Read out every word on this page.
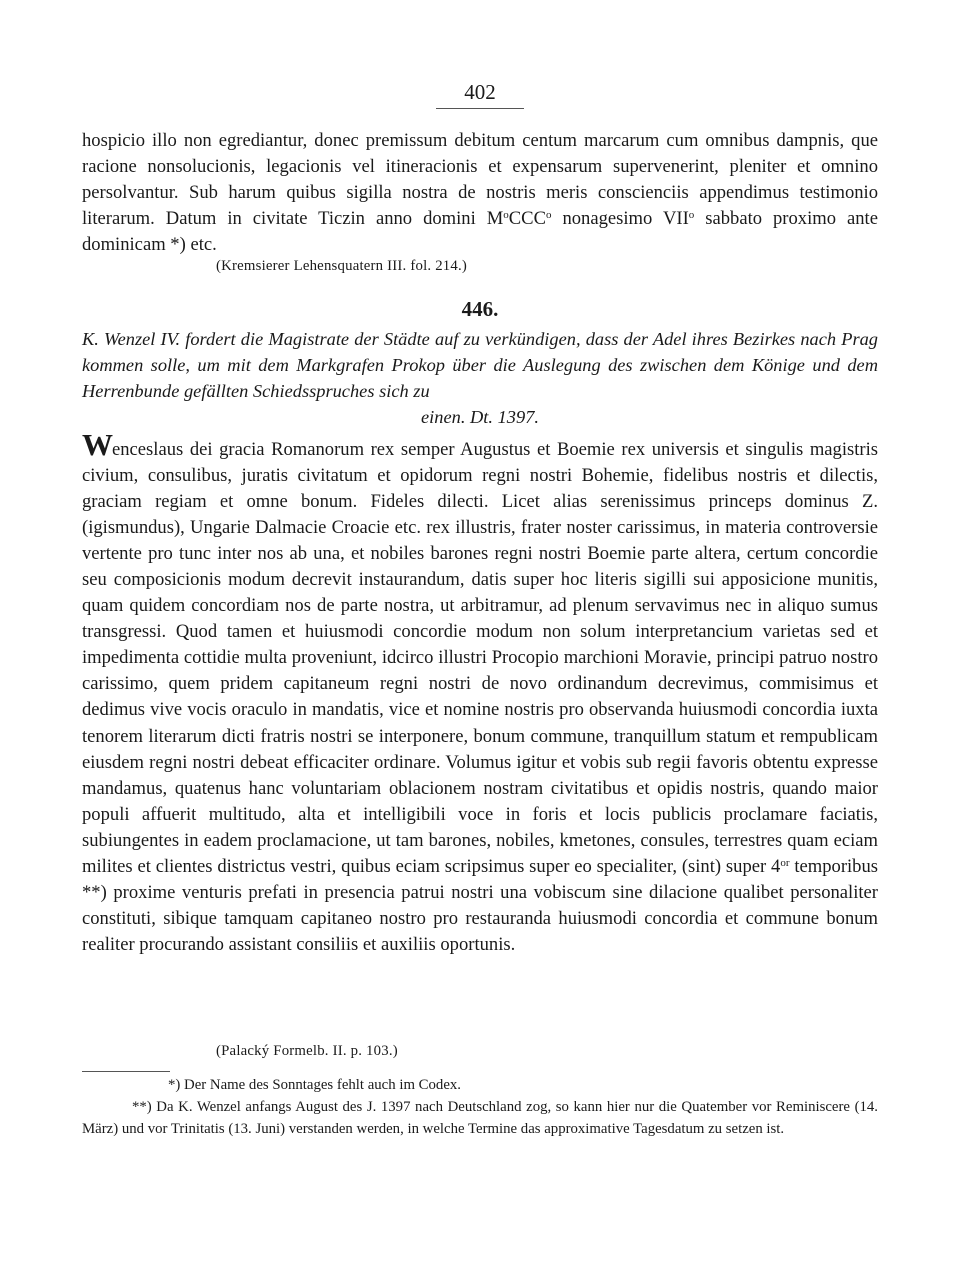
402
hospicio illo non egrediantur, donec premissum debitum centum marcarum cum omnibus dampnis, que racione nonsolucionis, legacionis vel itineracionis et expensarum supervenerint, pleniter et omnino persolvantur. Sub harum quibus sigilla nostra de nostris meris conscienciis appendimus testimonio literarum. Datum in civitate Ticzin anno domini $M^oCCC^o$ nonagesimo VII$^o$ sabbato proximo ante dominicam *) etc.
(Kremsierer Lehensquatern III. fol. 214.)
446.
K. Wenzel IV. fordert die Magistrate der Städte auf zu verkündigen, dass der Adel ihres Bezirkes nach Prag kommen solle, um mit dem Markgrafen Prokop über die Auslegung des zwischen dem Könige und dem Herrenbunde gefällten Schiedsspruches sich zu
einen. Dt. 1397.
Wenceslaus dei gracia Romanorum rex semper Augustus et Boemie rex universis et singulis magistris civium, consulibus, juratis civitatum et opidorum regni nostri Bohemie, fidelibus nostris et dilectis, graciam regiam et omne bonum. Fideles dilecti. Licet alias serenissimus princeps dominus Z.(igismundus), Ungarie Dalmacie Croacie etc. rex illustris, frater noster carissimus, in materia controversie vertente pro tunc inter nos ab una, et nobiles barones regni nostri Boemie parte altera, certum concordie seu composicionis modum decrevit instaurandum, datis super hoc literis sigilli sui apposicione munitis, quam quidem concordiam nos de parte nostra, ut arbitramur, ad plenum servavimus nec in aliquo sumus transgressi. Quod tamen et huiusmodi concordie modum non solum interpretancium varietas sed et impedimenta cottidie multa proveniunt, idcirco illustri Procopio marchioni Moravie, principi patruo nostro carissimo, quem pridem capitaneum regni nostri de novo ordinandum decrevimus, commisimus et dedimus vive vocis oraculo in mandatis, vice et nomine nostris pro observanda huiusmodi concordia iuxta tenorem literarum dicti fratris nostri se interponere, bonum commune, tranquillum statum et rempublicam eiusdem regni nostri debeat efficaciter ordinare. Volumus igitur et vobis sub regii favoris obtentu expresse mandamus, quatenus hanc voluntariam oblacionem nostram civitatibus et opidis nostris, quando maior populi affuerit multitudo, alta et intelligibili voce in foris et locis publicis proclamare faciatis, subiungentes in eadem proclamacione, ut tam barones, nobiles, kmetones, consules, terrestres quam eciam milites et clientes districtus vestri, quibus eciam scripsimus super eo specialiter, (sint) super $4^{or}$ temporibus **) proxime venturis prefati in presencia patrui nostri una vobiscum sine dilacione qualibet personaliter constituti, sibique tamquam capitaneo nostro pro restauranda huiusmodi concordia et commune bonum realiter procurando assistant consiliis et auxiliis oportunis.
(Palacký Formelb. II. p. 103.)
*) Der Name des Sonntages fehlt auch im Codex.
**) Da K. Wenzel anfangs August des J. 1397 nach Deutschland zog, so kann hier nur die Quatember vor Reminiscere (14. März) und vor Trinitatis (13. Juni) verstanden werden, in welche Termine das approximative Tagesdatum zu setzen ist.
